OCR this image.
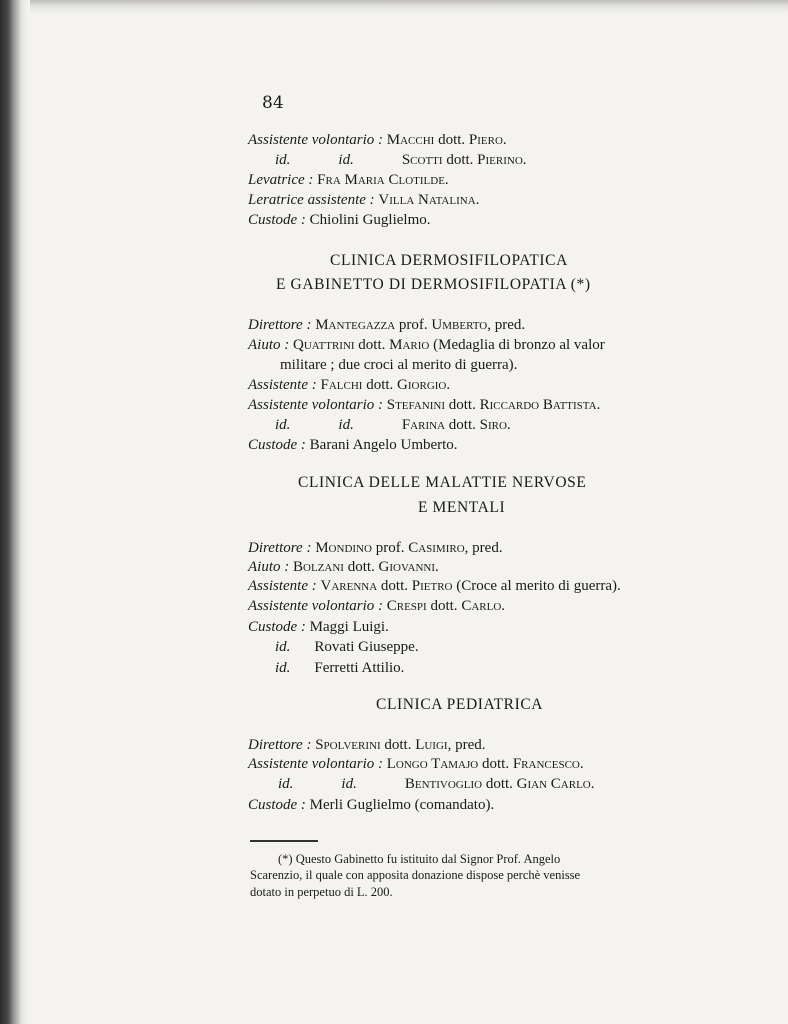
84
Assistente volontario : Macchi dott. Piero.
id.	id.	Scotti dott. Pierino.
Levatrice : Fra Maria Clotilde.
Leratrice assistente : Villa Natalina.
Custode : Chiolini Guglielmo.
CLINICA DERMOSIFILOPATICA
E GABINETTO DI DERMOSIFILOPATIA (*)
Direttore : Mantegazza prof. Umberto, pred.
Aiuto : Quattrini dott. Mario (Medaglia di bronzo al valor
militare ; due croci al merito di guerra).
Assistente : Falchi dott. Giorgio.
Assistente volontario : Stefanini dott. Riccardo Battista.
id.	id.	Farina dott. Siro.
Custode : Barani Angelo Umberto.
CLINICA DELLE MALATTIE NERVOSE
E MENTALI
Direttore : Mondino prof. Casimiro, pred.
Aiuto : Bolzani dott. Giovanni.
Assistente : Varenna dott. Pietro (Croce al merito di guerra).
Assistente volontario : Crespi dott. Carlo.
Custode : Maggi Luigi.
id. Rovati Giuseppe.
id. Ferretti Attilio.
CLINICA PEDIATRICA
Direttore : Spolverini dott. Luigi, pred.
Assistente volontario : Longo Tamajo dott. Francesco.
id.	id.	Bentivoglio dott. Gian Carlo.
Custode : Merli Guglielmo (comandato).
(*) Questo Gabinetto fu istituito dal Signor Prof. Angelo
Scarenzio, il quale con apposita donazione dispose perchè venisse
dotato in perpetuo di L. 200.
